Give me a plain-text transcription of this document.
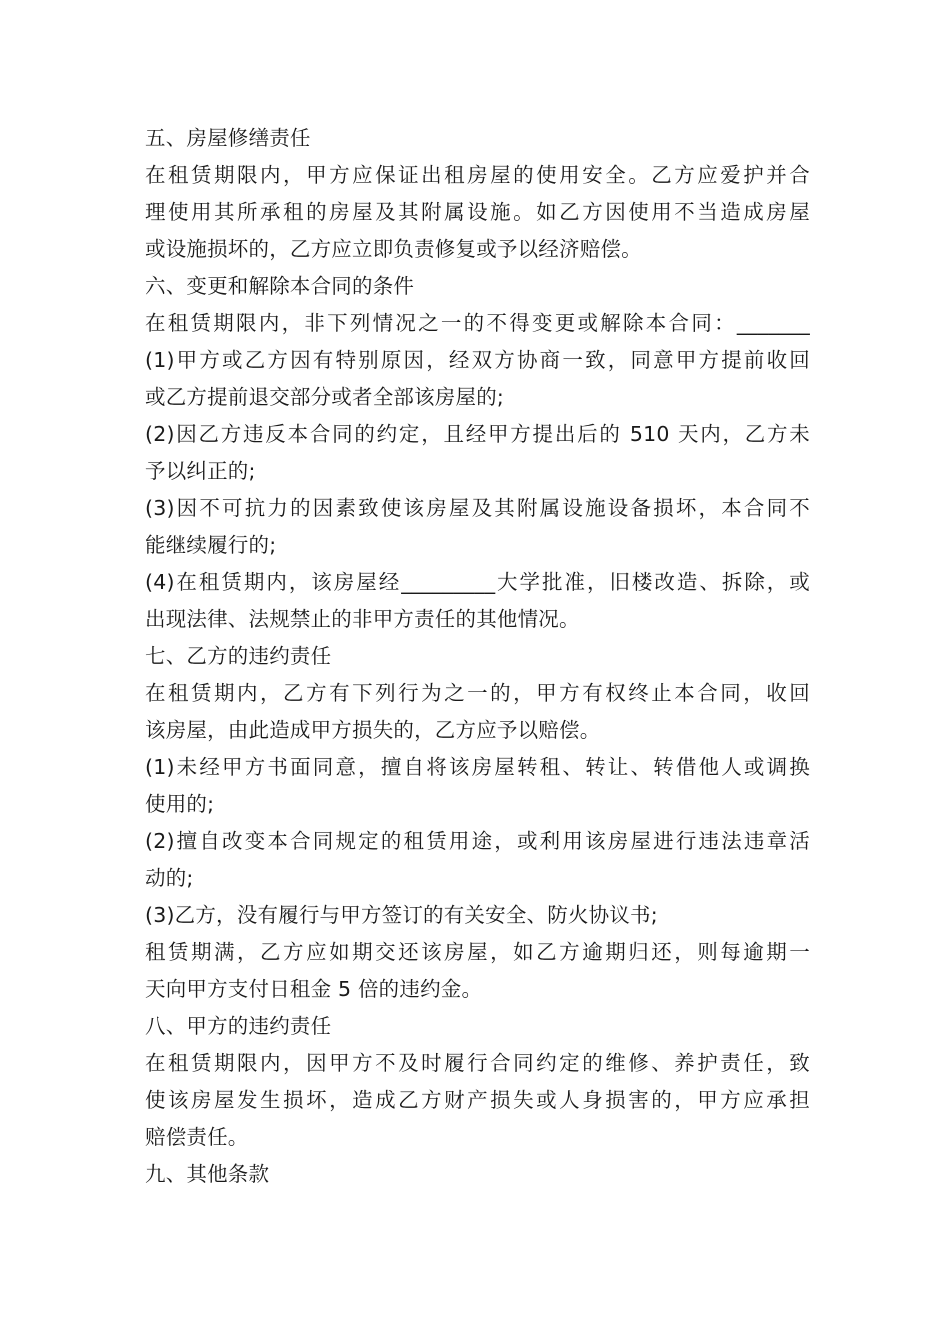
五、房屋修缮责任
在租赁期限内，甲方应保证出租房屋的使用安全。乙方应爱护并合
理使用其所承租的房屋及其附属设施。如乙方因使用不当造成房屋
或设施损坏的，乙方应立即负责修复或予以经济赔偿。
六、变更和解除本合同的条件
在租赁期限内，非下列情况之一的不得变更或解除本合同：_______
(1)甲方或乙方因有特别原因，经双方协商一致，同意甲方提前收回
或乙方提前退交部分或者全部该房屋的;
(2)因乙方违反本合同的约定，且经甲方提出后的 510 天内，乙方未
予以纠正的;
(3)因不可抗力的因素致使该房屋及其附属设施设备损坏，本合同不
能继续履行的;
(4)在租赁期内，该房屋经_________大学批准，旧楼改造、拆除，或
出现法律、法规禁止的非甲方责任的其他情况。
七、乙方的违约责任
在租赁期内，乙方有下列行为之一的，甲方有权终止本合同，收回
该房屋，由此造成甲方损失的，乙方应予以赔偿。
(1)未经甲方书面同意，擅自将该房屋转租、转让、转借他人或调换
使用的;
(2)擅自改变本合同规定的租赁用途，或利用该房屋进行违法违章活
动的;
(3)乙方，没有履行与甲方签订的有关安全、防火协议书;
租赁期满，乙方应如期交还该房屋，如乙方逾期归还，则每逾期一
天向甲方支付日租金 5 倍的违约金。
八、甲方的违约责任
在租赁期限内，因甲方不及时履行合同约定的维修、养护责任，致
使该房屋发生损坏，造成乙方财产损失或人身损害的，甲方应承担
赔偿责任。
九、其他条款
